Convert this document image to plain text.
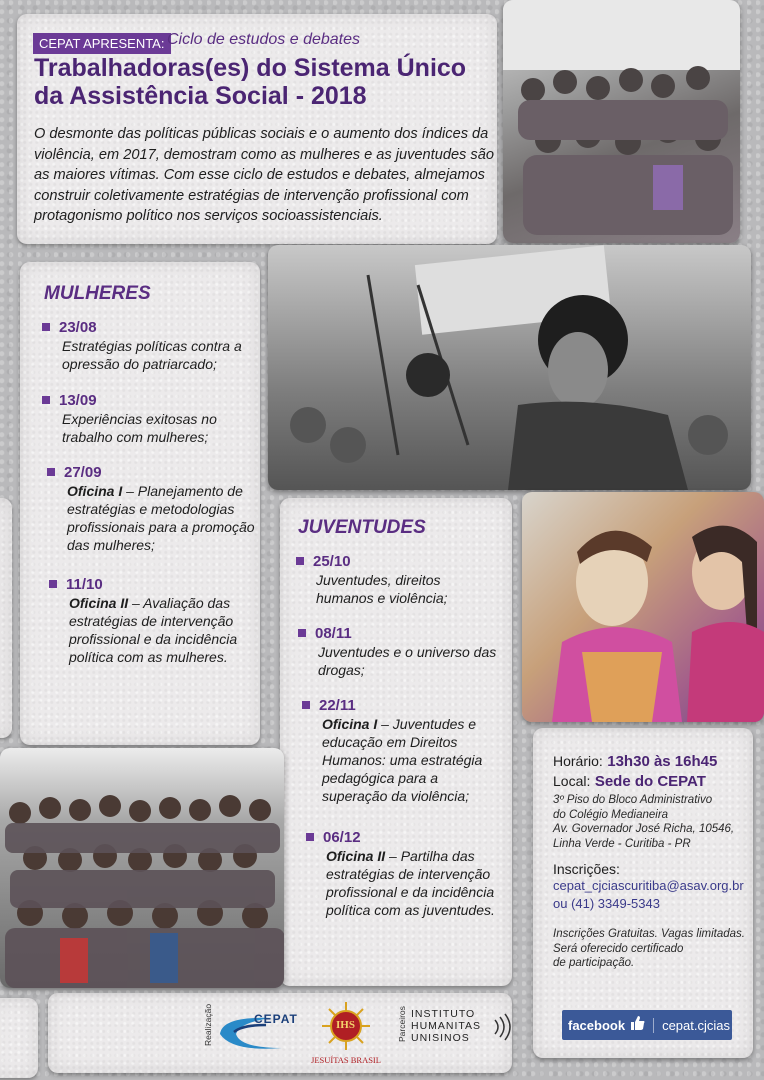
CEPAT APRESENTA: Ciclo de estudos e debates
Trabalhadoras(es) do Sistema Único
da Assistência Social - 2018
O desmonte das políticas públicas sociais e o aumento dos índices da violência, em 2017, demostram como as mulheres e as juventudes são as maiores vítimas. Com esse ciclo de estudos e debates, almejamos construir coletivamente estratégias de intervenção profissional com protagonismo político nos serviços socioassistenciais.
MULHERES
23/08
Estratégias políticas contra a opressão do patriarcado;
13/09
Experiências exitosas no trabalho com mulheres;
27/09
Oficina I – Planejamento de estratégias e metodologias profissionais para a promoção das mulheres;
11/10
Oficina II – Avaliação das estratégias de intervenção profissional e da incidência política com as mulheres.
JUVENTUDES
25/10
Juventudes, direitos humanos e violência;
08/11
Juventudes e o universo das drogas;
22/11
Oficina I – Juventudes e educação em Direitos Humanos: uma estratégia pedagógica para a superação da violência;
06/12
Oficina II – Partilha das estratégias de intervenção profissional e da incidência política com as juventudes.
Horário: 13h30 às 16h45
Local: Sede do CEPAT
3º Piso do Bloco Administrativo
do Colégio Medianeira
Av. Governador José Richa, 10546,
Linha Verde - Curitiba - PR
Inscrições:
cepat_cjciascuritiba@asav.org.br
ou (41) 3349-5343
Inscrições Gratuitas. Vagas limitadas.
Será oferecido certificado
de participação.
Realização	CEPAT	IHS
JESUÍTAS BRASIL
Parceiros INSTITUTO
HUMANITAS
UNISINOS
facebook	cepat.cjcias
